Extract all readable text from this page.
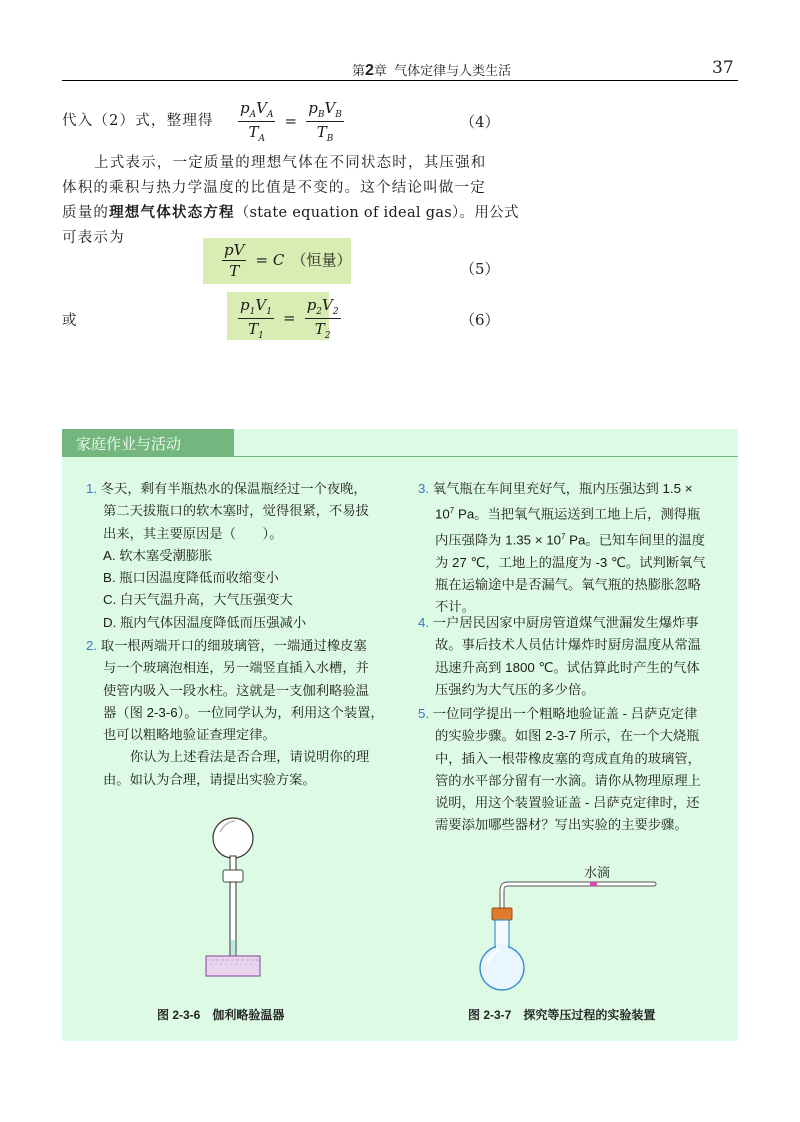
第2章 气体定律与人类生活	37
代入（2）式，整理得 $\frac{p_AV_A}{T_A} = \frac{p_BV_B}{T_B}$	（4）
上式表示，一定质量的理想气体在不同状态时，其压强和
体积的乘积与热力学温度的比值是不变的。这个结论叫做一定
质量的理想气体状态方程（state equation of ideal gas）。用公式
可表示为
$\frac{pV}{T} = C$ （恒量）	（5）
或	$\frac{p_1V_1}{T_1} = \frac{p_2V_2}{T_2}$	（6）
家庭作业与活动
1. 冬天，剩有半瓶热水的保温瓶经过一个夜晚，
第二天拔瓶口的软木塞时，觉得很紧，不易拔
出来，其主要原因是（　　）。
A. 软木塞受潮膨胀
B. 瓶口因温度降低而收缩变小
C. 白天气温升高，大气压强变大
D. 瓶内气体因温度降低而压强减小
2. 取一根两端开口的细玻璃管，一端通过橡皮塞
与一个玻璃泡相连，另一端竖直插入水槽，并
使管内吸入一段水柱。这就是一支伽利略验温
器（图 2-3-6）。一位同学认为，利用这个装置，
也可以粗略地验证查理定律。
你认为上述看法是否合理，请说明你的理
由。如认为合理，请提出实验方案。
3. 氧气瓶在车间里充好气，瓶内压强达到 1.5 ×
$10^7$ Pa。当把氧气瓶运送到工地上后，测得瓶
内压强降为 $1.35 \times 10^7$ Pa。已知车间里的温度
为 27 ℃，工地上的温度为 -3 ℃。试判断氧气
瓶在运输途中是否漏气。氧气瓶的热膨胀忽略
不计。
4. 一户居民因家中厨房管道煤气泄漏发生爆炸事
故。事后技术人员估计爆炸时厨房温度从常温
迅速升高到 1800 ℃。试估算此时产生的气体
压强约为大气压的多少倍。
5. 一位同学提出一个粗略地验证盖 - 吕萨克定律
的实验步骤。如图 2-3-7 所示，在一个大烧瓶
中，插入一根带橡皮塞的弯成直角的玻璃管，
管的水平部分留有一水滴。请你从物理原理上
说明，用这个装置验证盖 - 吕萨克定律时，还
需要添加哪些器材？写出实验的主要步骤。
图 2-3-6　伽利略验温器
水滴
图 2-3-7　探究等压过程的实验装置
